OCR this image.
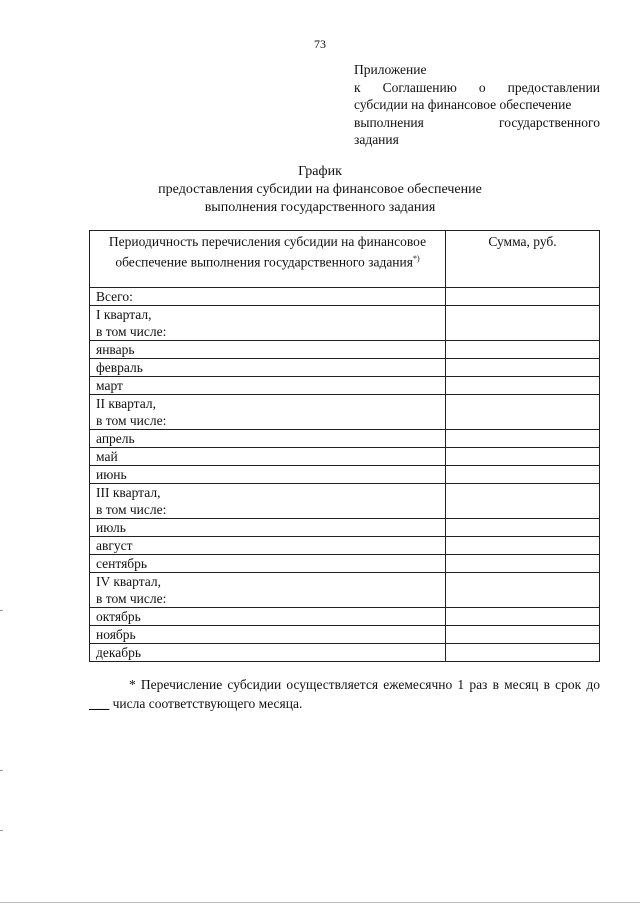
73
Приложение
к Соглашению о предоставлении
субсидии на финансовое обеспечение
выполнения	государственного
задания
График
предоставления субсидии на финансовое обеспечение
выполнения государственного задания
Периодичность перечисления субсидии на финансовое обеспечение выполнения государственного задания*)	Сумма, руб.

Всего:	

I квартал,
в том числе:	

январь	

февраль	

март	

II квартал,
в том числе:	

апрель	

май	

июнь	

III квартал,
в том числе:	

июль	

август	

сентябрь	

IV квартал,
в том числе:	

октябрь	

ноябрь	

декабрь	

* Перечисление субсидии осуществляется ежемесячно 1 раз в месяц в срок до ___ числа соответствующего месяца.
